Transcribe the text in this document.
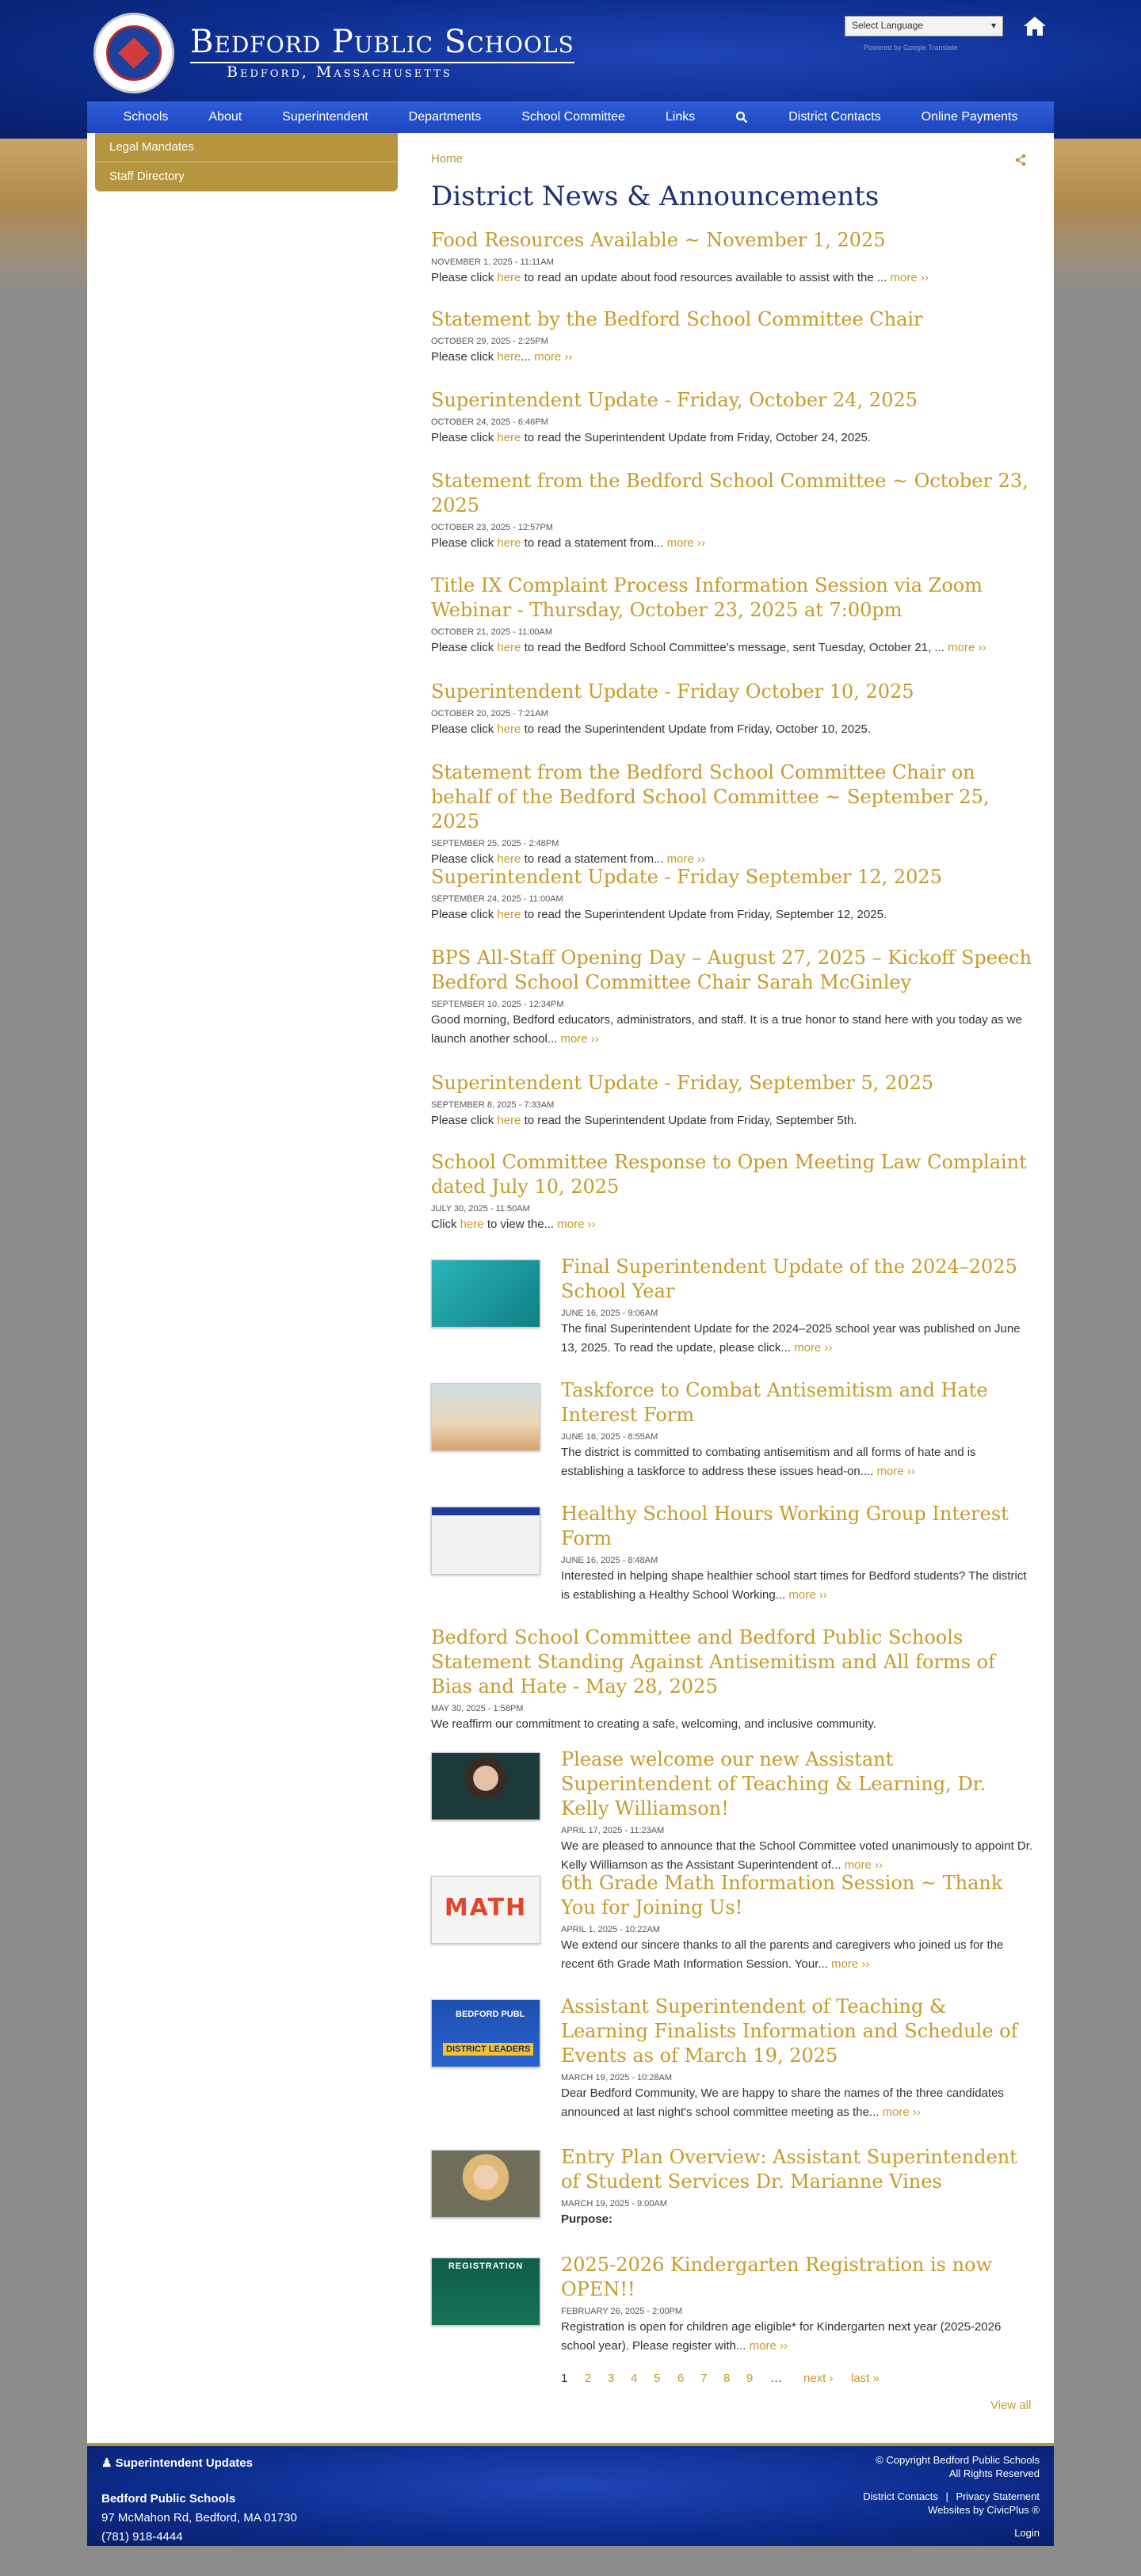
Bedford Public Schools
Bedford, Massachusetts
Select Language ▾
Powered by Google Translate
Schools	About	Superintendent	Departments	School Committee	Links	District Contacts	Online Payments
Legal Mandates
Staff Directory
Home
District News & Announcements
Food Resources Available ~ November 1, 2025
NOVEMBER 1, 2025 - 11:11AM
Please click here to read an update about food resources available to assist with the ... more ››
Statement by the Bedford School Committee Chair
OCTOBER 29, 2025 - 2:25PM
Please click here... more ››
Superintendent Update - Friday, October 24, 2025
OCTOBER 24, 2025 - 6:46PM
Please click here to read the Superintendent Update from Friday, October 24, 2025.
Statement from the Bedford School Committee ~ October 23, 2025
OCTOBER 23, 2025 - 12:57PM
Please click here to read a statement from... more ››
Title IX Complaint Process Information Session via Zoom Webinar - Thursday, October 23, 2025 at 7:00pm
OCTOBER 21, 2025 - 11:00AM
Please click here to read the Bedford School Committee's message, sent Tuesday, October 21, ... more ››
Superintendent Update - Friday October 10, 2025
OCTOBER 20, 2025 - 7:21AM
Please click here to read the Superintendent Update from Friday, October 10, 2025.
Statement from the Bedford School Committee Chair on behalf of the Bedford School Committee ~ September 25, 2025
SEPTEMBER 25, 2025 - 2:48PM
Please click here to read a statement from... more ››
Superintendent Update - Friday September 12, 2025
SEPTEMBER 24, 2025 - 11:00AM
Please click here to read the Superintendent Update from Friday, September 12, 2025.
BPS All-Staff Opening Day – August 27, 2025 – Kickoff Speech Bedford School Committee Chair Sarah McGinley
SEPTEMBER 10, 2025 - 12:34PM
Good morning, Bedford educators, administrators, and staff. It is a true honor to stand here with you today as we launch another school... more ››
Superintendent Update - Friday, September 5, 2025
SEPTEMBER 8, 2025 - 7:33AM
Please click here to read the Superintendent Update from Friday, September 5th.
School Committee Response to Open Meeting Law Complaint dated July 10, 2025
JULY 30, 2025 - 11:50AM
Click here to view the... more ››
Final Superintendent Update of the 2024–2025 School Year
JUNE 16, 2025 - 9:06AM
The final Superintendent Update for the 2024–2025 school year was published on June 13, 2025. To read the update, please click... more ››
Taskforce to Combat Antisemitism and Hate Interest Form
JUNE 16, 2025 - 8:55AM
The district is committed to combating antisemitism and all forms of hate and is establishing a taskforce to address these issues head-on.... more ››
Healthy School Hours Working Group Interest Form
JUNE 16, 2025 - 8:48AM
Interested in helping shape healthier school start times for Bedford students? The district is establishing a Healthy School Working... more ››
Bedford School Committee and Bedford Public Schools Statement Standing Against Antisemitism and All forms of Bias and Hate - May 28, 2025
MAY 30, 2025 - 1:58PM
We reaffirm our commitment to creating a safe, welcoming, and inclusive community.
Please welcome our new Assistant Superintendent of Teaching & Learning, Dr. Kelly Williamson!
APRIL 17, 2025 - 11:23AM
We are pleased to announce that the School Committee voted unanimously to appoint Dr. Kelly Williamson as the Assistant Superintendent of... more ››
MATH
6th Grade Math Information Session ~ Thank You for Joining Us!
APRIL 1, 2025 - 10:22AM
We extend our sincere thanks to all the parents and caregivers who joined us for the recent 6th Grade Math Information Session. Your... more ››
BEDFORD PUBL
DISTRICT LEADERS
Assistant Superintendent of Teaching & Learning Finalists Information and Schedule of Events as of March 19, 2025
MARCH 19, 2025 - 10:28AM
Dear Bedford Community, We are happy to share the names of the three candidates announced at last night's school committee meeting as the... more ››
Entry Plan Overview: Assistant Superintendent of Student Services Dr. Marianne Vines
MARCH 19, 2025 - 9:00AM
Purpose:
REGISTRATION	2025-2026 Kindergarten Registration is now OPEN!!
FEBRUARY 26, 2025 - 2:00PM
Registration is open for children age eligible* for Kindergarten next year (2025-2026 school year). Please register with... more ››
1 2 3 4 5 6 7 8 9 … next › last »
View all
♟ Superintendent Updates
Bedford Public Schools
97 McMahon Rd, Bedford, MA 01730
(781) 918-4444
© Copyright Bedford Public Schools
All Rights Reserved
District Contacts | Privacy Statement
Websites by CivicPlus ®
Login
